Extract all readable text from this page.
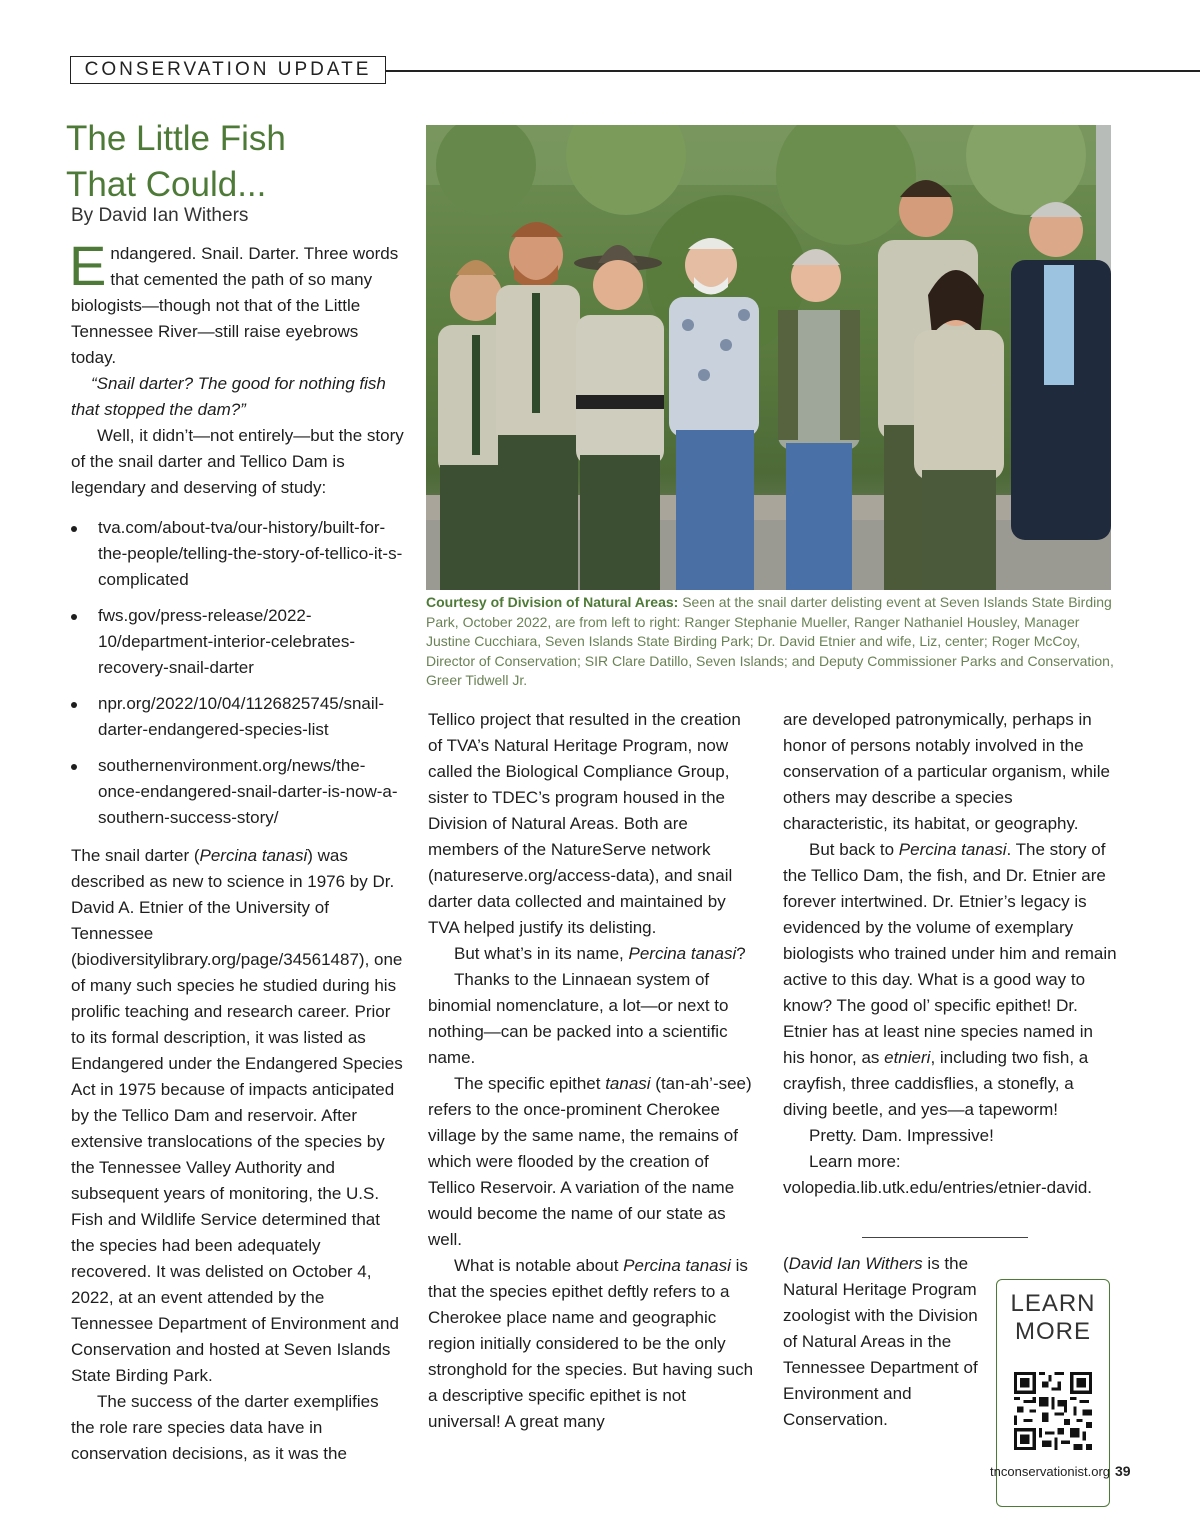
CONSERVATION UPDATE
The Little Fish
That Could...
By David Ian Withers

Endangered. Snail. Darter. Three words that cemented the path of so many biologists—though not that of the Little Tennessee River—still raise eyebrows today.

“Snail darter? The good for nothing fish that stopped the dam?”

Well, it didn’t—not entirely—but the story of the snail darter and Tellico Dam is legendary and deserving of study:

tva.com/about-tva/our-history/built-for-the-people/telling-the-story-of-tellico-it-s-complicated
fws.gov/press-release/2022-10/department-interior-celebrates-recovery-snail-darter
npr.org/2022/10/04/1126825745/snail-darter-endangered-species-list
southernenvironment.org/news/the-once-endangered-snail-darter-is-now-a-southern-success-story/

The snail darter (Percina tanasi) was described as new to science in 1976 by Dr. David A. Etnier of the University of Tennessee (biodiversitylibrary.org/page/34561487), one of many such species he studied during his prolific teaching and research career. Prior to its formal description, it was listed as Endangered under the Endangered Species Act in 1975 because of impacts anticipated by the Tellico Dam and reservoir. After extensive translocations of the species by the Tennessee Valley Authority and subsequent years of monitoring, the U.S. Fish and Wildlife Service determined that the species had been adequately recovered. It was delisted on October 4, 2022, at an event attended by the Tennessee Department of Environment and Conservation and hosted at Seven Islands State Birding Park.

The success of the darter exemplifies the role rare species data have in conservation decisions, as it was the

Courtesy of Division of Natural Areas: Seen at the snail darter delisting event at Seven Islands State Birding Park, October 2022, are from left to right: Ranger Stephanie Mueller, Ranger Nathaniel Housley, Manager Justine Cucchiara, Seven Islands State Birding Park; Dr. David Etnier and wife, Liz, center; Roger McCoy, Director of Conservation; SIR Clare Datillo, Seven Islands; and Deputy Commissioner Parks and Conservation, Greer Tidwell Jr.

Tellico project that resulted in the creation of TVA’s Natural Heritage Program, now called the Biological Compliance Group, sister to TDEC’s program housed in the Division of Natural Areas. Both are members of the NatureServe network (natureserve.org/access-data), and snail darter data collected and maintained by TVA helped justify its delisting.

But what’s in its name, Percina tanasi?

Thanks to the Linnaean system of binomial nomenclature, a lot—or next to nothing—can be packed into a scientific name.

The specific epithet tanasi (tan-ah’-see) refers to the once-prominent Cherokee village by the same name, the remains of which were flooded by the creation of Tellico Reservoir. A variation of the name would become the name of our state as well.

What is notable about Percina tanasi is that the species epithet deftly refers to a Cherokee place name and geographic region initially considered to be the only stronghold for the species. But having such a descriptive specific epithet is not universal! A great many

are developed patronymically, perhaps in honor of persons notably involved in the conservation of a particular organism, while others may describe a species characteristic, its habitat, or geography.

But back to Percina tanasi. The story of the Tellico Dam, the fish, and Dr. Etnier are forever intertwined. Dr. Etnier’s legacy is evidenced by the volume of exemplary biologists who trained under him and remain active to this day. What is a good way to know? The good ol’ specific epithet! Dr. Etnier has at least nine species named in his honor, as etnieri, including two fish, a crayfish, three caddisflies, a stonefly, a diving beetle, and yes—a tapeworm!

Pretty. Dam. Impressive!

Learn more: volopedia.lib.utk.edu/entries/etnier-david.

(David Ian Withers is the Natural Heritage Program zoologist with the Division of Natural Areas in the Tennessee Department of Environment and Conservation.

LEARN
MORE
tnconservationist.org 39
